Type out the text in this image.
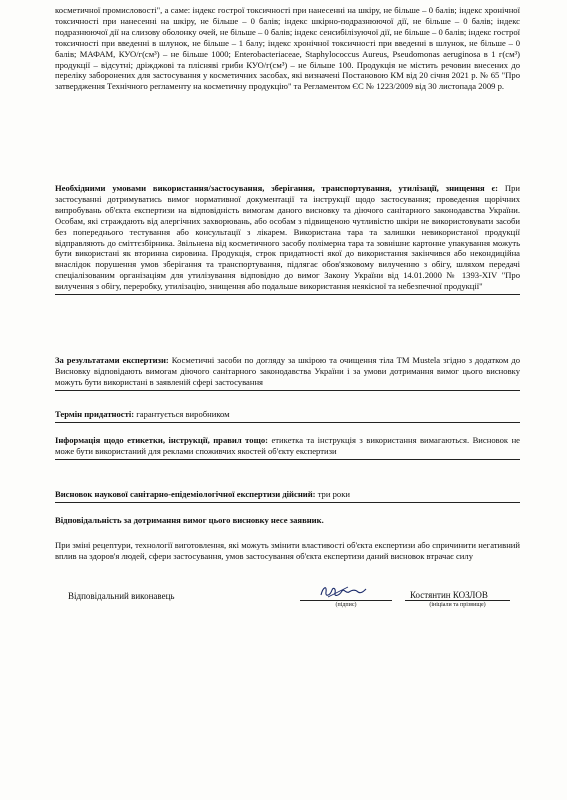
косметичної промисловості", а саме: індекс гострої токсичності при нанесенні на шкіру, не більше – 0 балів; індекс хронічної токсичності при нанесенні на шкіру, не більше – 0 балів; індекс шкірно-подразнюючої дії, не більше – 0 балів; індекс подразнюючої дії на слизову оболонку очей, не більше – 0 балів; індекс сенсибілізуючої дії, не більше – 0 балів; індекс гострої токсичності при введенні в шлунок, не більше – 1 балу; індекс хронічної токсичності при введенні в шлунок, не більше – 0 балів; МАФАМ, КУО/г(см³) – не більше 1000; Enterobacteriaceae, Staphylococcus Aureus, Pseudomonas aeruginosa в 1 г(см³) продукції – відсутні; дріжджові та плісняві гриби КУО/г(см³) – не більше 100. Продукція не містить речовин внесених до переліку заборонених для застосування у косметичних засобах, які визначені Постановою КМ від 20 січня 2021 р. № 65 "Про затвердження Технічного регламенту на косметичну продукцію" та Регламентом ЄС № 1223/2009 від 30 листопада 2009 р.

Необхідними умовами використання/застосування, зберігання, транспортування, утилізації, знищення є: При застосуванні дотримуватись вимог нормативної документації та інструкції щодо застосування; проведення щорічних випробувань об'єкта експертизи на відповідність вимогам даного висновку та діючого санітарного законодавства України. Особам, які страждають від алергічних захворювань, або особам з підвищеною чутливістю шкіри не використовувати засоби без попереднього тестування або консультації з лікарем. Використана тара та залишки невикористаної продукції відправляють до сміттєзбірника. Звільнена від косметичного засобу полімерна тара та зовнішнє картонне упакування можуть бути використані як вторинна сировина. Продукція, строк придатності якої до використання закінчився або некондиційна внаслідок порушення умов зберігання та транспортування, підлягає обов'язковому вилученню з обігу, шляхом передачі спеціалізованим організаціям для утилізування відповідно до вимог Закону України від 14.01.2000 № 1393-XIV "Про вилучення з обігу, переробку, утилізацію, знищення або подальше використання неякісної та небезпечної продукції"

За результатами експертизи: Косметичні засоби по догляду за шкірою та очищення тіла TM Mustela згідно з додатком до Висновку відповідають вимогам діючого санітарного законодавства України і за умови дотримання вимог цього висновку можуть бути використані в заявленій сфері застосування

Термін придатності: гарантується виробником

Інформація щодо етикетки, інструкції, правил тощо: етикетка та інструкція з використання вимагаються. Висновок не може бути використаний для реклами споживчих якостей об'єкту експертизи

Висновок наукової санітарно-епідеміологічної експертизи дійсний: три роки

Відповідальність за дотримання вимог цього висновку несе заявник.

При зміні рецептури, технології виготовлення, які можуть змінити властивості об'єкта експертизи або спричинити негативний вплив на здоров'я людей, сфери застосування, умов застосування об'єкта експертизи даний висновок втрачає силу

Відповідальний виконавець
(підпис)
Костянтин КОЗЛОВ
(ініціали та прізвище)
